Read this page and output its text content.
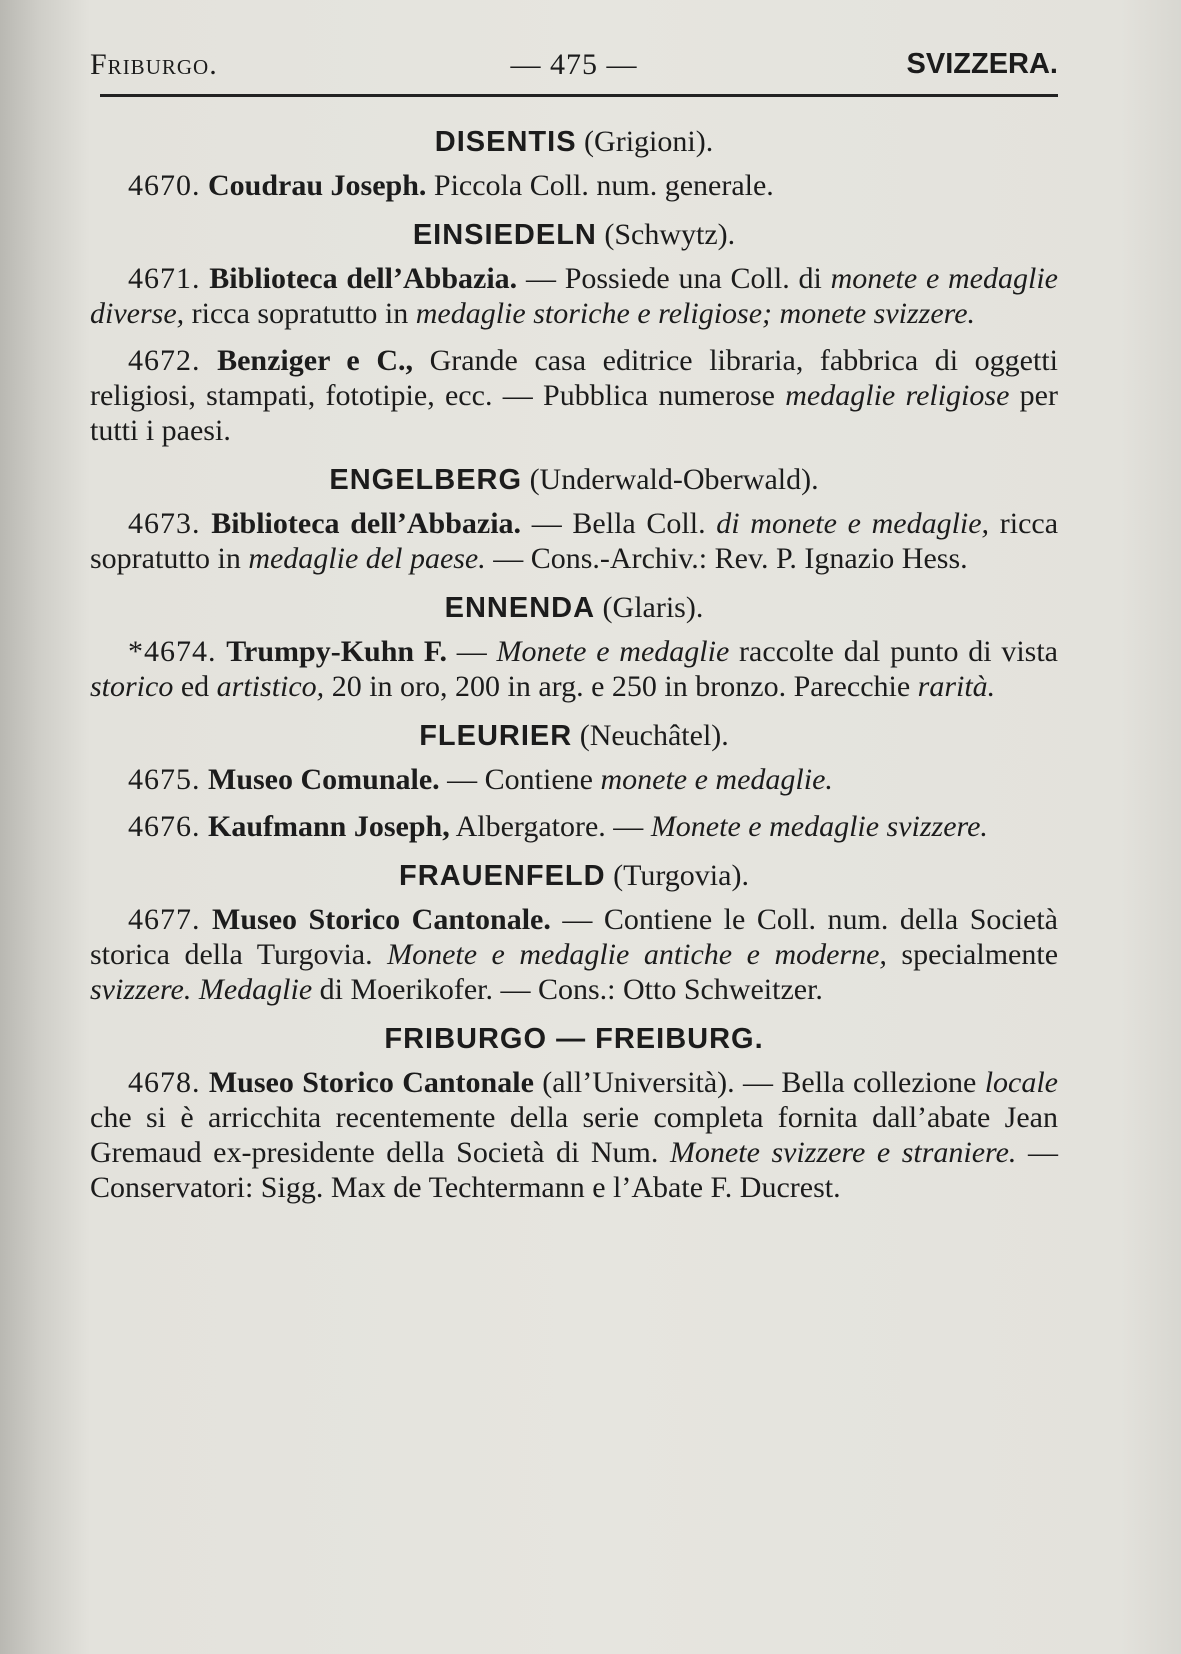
Friburgo.	— 475 —	SVIZZERA.
DISENTIS (Grigioni).

4670. Coudrau Joseph. Piccola Coll. num. generale.

EINSIEDELN (Schwytz).

4671. Biblioteca dell’Abbazia. — Possiede una Coll. di monete e medaglie diverse, ricca sopratutto in medaglie storiche e religiose; monete svizzere.

4672. Benziger e C., Grande casa editrice libraria, fabbrica di oggetti religiosi, stampati, fototipie, ecc. — Pubblica numerose medaglie religiose per tutti i paesi.

ENGELBERG (Underwald-Oberwald).

4673. Biblioteca dell’Abbazia. — Bella Coll. di monete e medaglie, ricca sopratutto in medaglie del paese. — Cons.-Archiv.: Rev. P. Ignazio Hess.

ENNENDA (Glaris).

*4674. Trumpy-Kuhn F. — Monete e medaglie raccolte dal punto di vista storico ed artistico, 20 in oro, 200 in arg. e 250 in bronzo. Parecchie rarità.

FLEURIER (Neuchâtel).

4675. Museo Comunale. — Contiene monete e medaglie.

4676. Kaufmann Joseph, Albergatore. — Monete e medaglie svizzere.

FRAUENFELD (Turgovia).

4677. Museo Storico Cantonale. — Contiene le Coll. num. della Società storica della Turgovia. Monete e medaglie antiche e moderne, specialmente svizzere. Medaglie di Moerikofer. — Cons.: Otto Schweitzer.

FRIBURGO — FREIBURG.

4678. Museo Storico Cantonale (all’Università). — Bella collezione locale che si è arricchita recentemente della serie completa fornita dall’abate Jean Gremaud ex-presidente della Società di Num. Monete svizzere e straniere. — Conservatori: Sigg. Max de Techtermann e l’Abate F. Ducrest.
